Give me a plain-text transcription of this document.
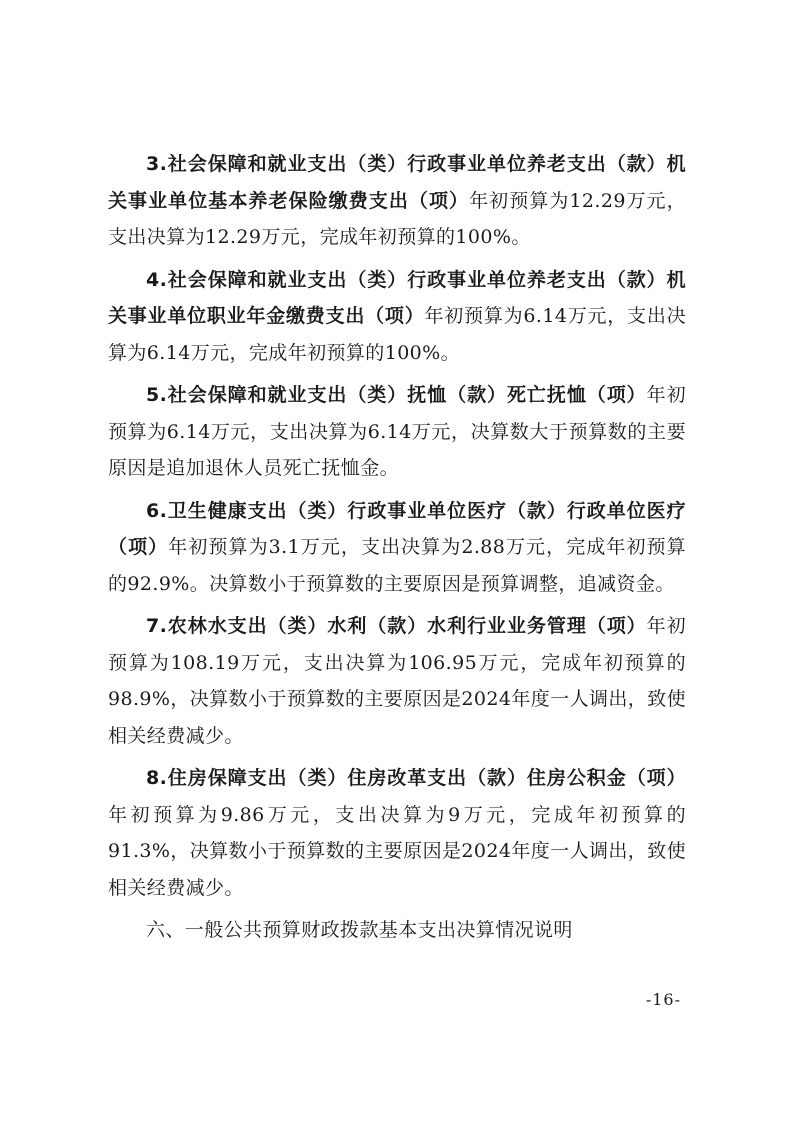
3.社会保障和就业支出（类）行政事业单位养老支出（款）机关事业单位基本养老保险缴费支出（项）年初预算为12.29万元，支出决算为12.29万元，完成年初预算的100%。

4.社会保障和就业支出（类）行政事业单位养老支出（款）机关事业单位职业年金缴费支出（项）年初预算为6.14万元，支出决算为6.14万元，完成年初预算的100%。

5.社会保障和就业支出（类）抚恤（款）死亡抚恤（项）年初预算为6.14万元，支出决算为6.14万元，决算数大于预算数的主要原因是追加退休人员死亡抚恤金。

6.卫生健康支出（类）行政事业单位医疗（款）行政单位医疗（项）年初预算为3.1万元，支出决算为2.88万元，完成年初预算的92.9%。决算数小于预算数的主要原因是预算调整，追减资金。

7.农林水支出（类）水利（款）水利行业业务管理（项）年初预算为108.19万元，支出决算为106.95万元，完成年初预算的98.9%，决算数小于预算数的主要原因是2024年度一人调出，致使相关经费减少。

8.住房保障支出（类）住房改革支出（款）住房公积金（项）年初预算为9.86万元，支出决算为9万元，完成年初预算的91.3%，决算数小于预算数的主要原因是2024年度一人调出，致使相关经费减少。

六、一般公共预算财政拨款基本支出决算情况说明

-16-
